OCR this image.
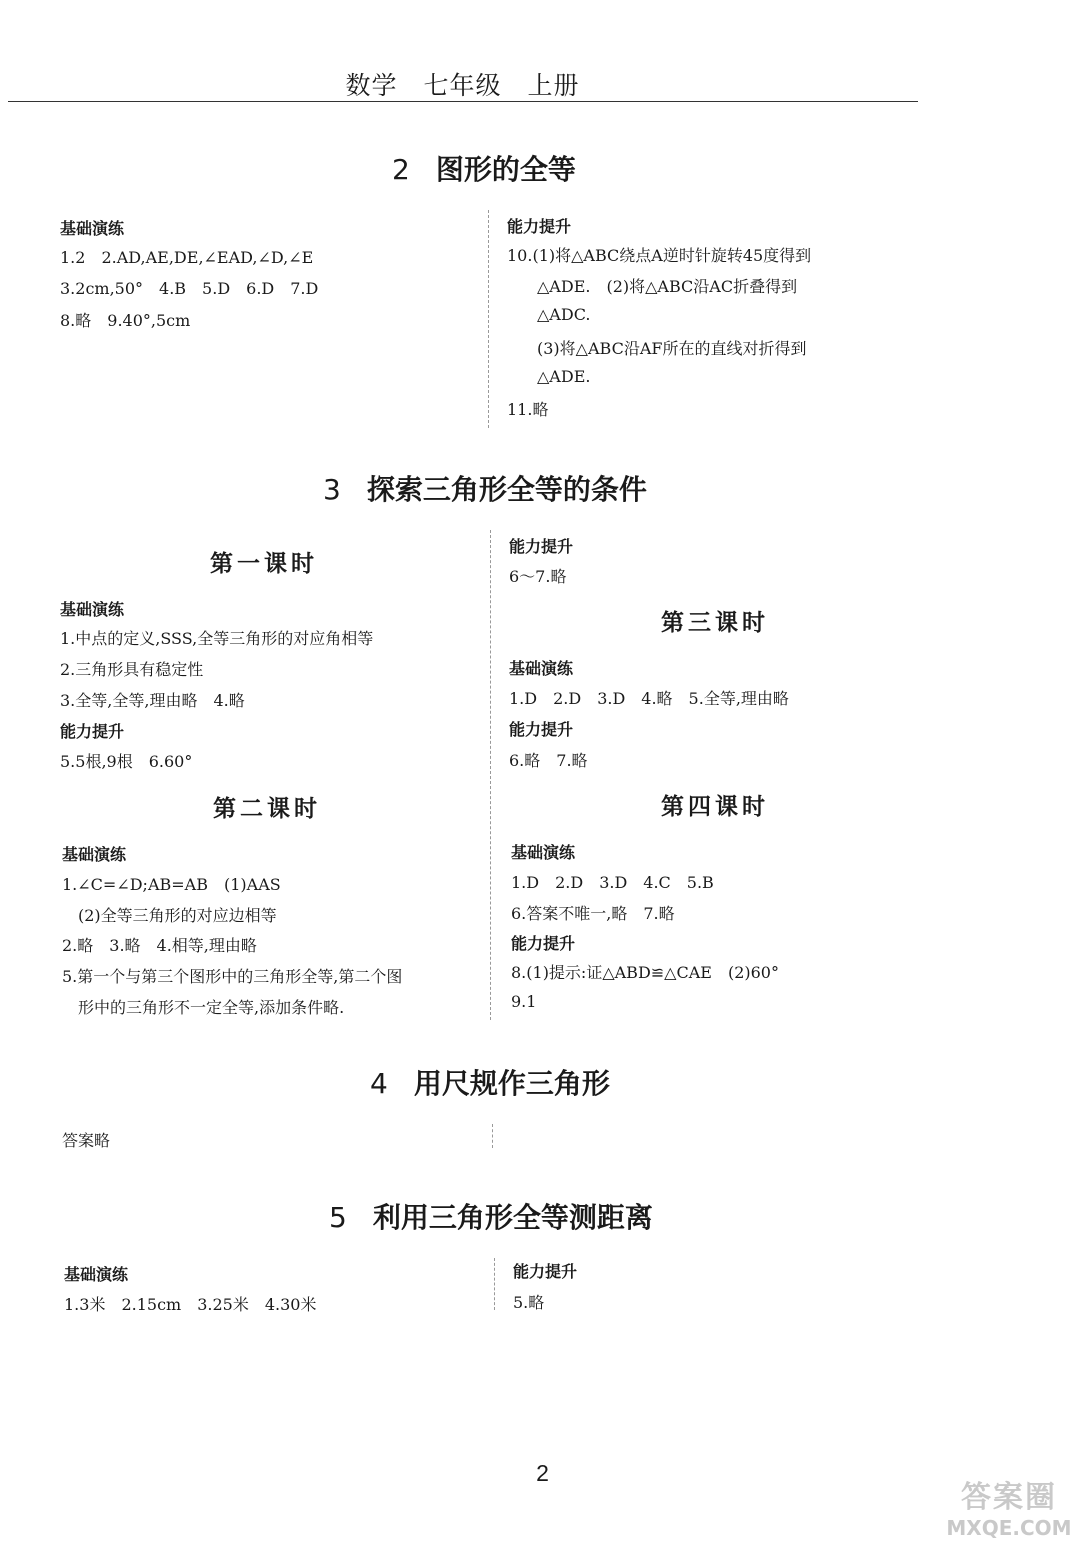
数学　七年级　上册
2 图形的全等
基础演练
1.2　2.AD,AE,DE,∠EAD,∠D,∠E
3.2cm,50°　4.B　5.D　6.D　7.D
8.略　9.40°,5cm
能力提升
10.(1)将△ABC绕点A逆时针旋转45度得到
△ADE.　(2)将△ABC沿AC折叠得到
△ADC.
(3)将△ABC沿AF所在的直线对折得到
△ADE.
11.略
3 探索三角形全等的条件
第一课时
基础演练
1.中点的定义,SSS,全等三角形的对应角相等
2.三角形具有稳定性
3.全等,全等,理由略　4.略
能力提升
5.5根,9根　6.60°
第二课时
基础演练
1.∠C=∠D;AB=AB　(1)AAS
(2)全等三角形的对应边相等
2.略　3.略　4.相等,理由略
5.第一个与第三个图形中的三角形全等,第二个图
形中的三角形不一定全等,添加条件略.
能力提升
6～7.略
第三课时
基础演练
1.D　2.D　3.D　4.略　5.全等,理由略
能力提升
6.略　7.略
第四课时
基础演练
1.D　2.D　3.D　4.C　5.B
6.答案不唯一,略　7.略
能力提升
8.(1)提示:证△ABD≌△CAE　(2)60°
9.1
4 用尺规作三角形
答案略
5 利用三角形全等测距离
基础演练
1.3米　2.15cm　3.25米　4.30米
能力提升
5.略
2
答案圈
MXQE.COM
